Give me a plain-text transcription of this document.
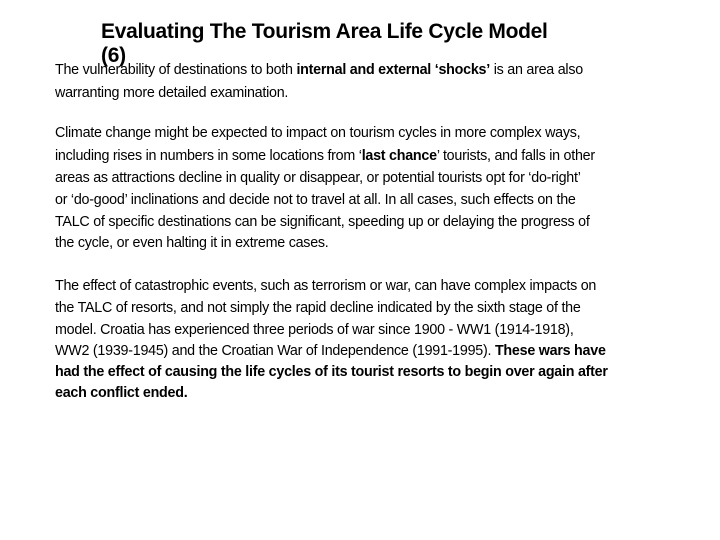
Evaluating The Tourism Area Life Cycle Model
(6)
The vulnerability of destinations to both internal and external ‘shocks’ is an area also
warranting more detailed examination.
Climate change might be expected to impact on tourism cycles in more complex ways,
including rises in numbers in some locations from ‘last chance’ tourists, and falls in other
areas as attractions decline in quality or disappear, or potential tourists opt for ‘do-right’
or ‘do-good’ inclinations and decide not to travel at all. In all cases, such effects on the
TALC of specific destinations can be significant, speeding up or delaying the progress of
the cycle, or even halting it in extreme cases.
The effect of catastrophic events, such as terrorism or war, can have complex impacts on
the TALC of resorts, and not simply the rapid decline indicated by the sixth stage of the
model. Croatia has experienced three periods of war since 1900 - WW1 (1914-1918),
WW2 (1939-1945) and the Croatian War of Independence (1991-1995). These wars have
had the effect of causing the life cycles of its tourist resorts to begin over again after
each conflict ended.
